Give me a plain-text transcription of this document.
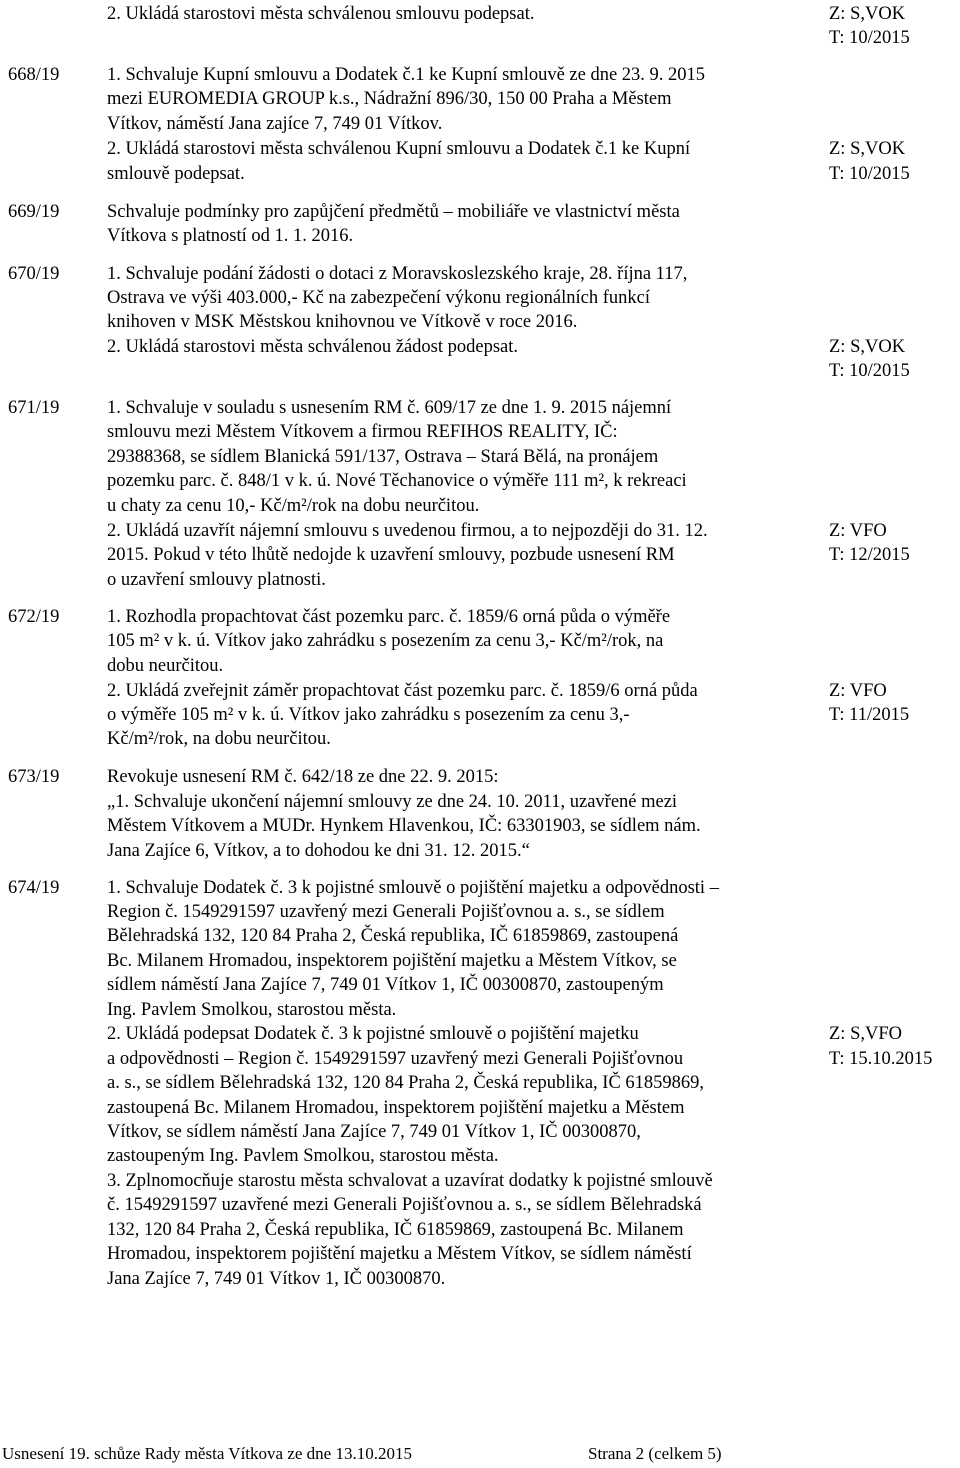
2. Ukládá starostovi města schválenou smlouvu podepsat.	Z: S,VOK
T: 10/2015
668/19	1. Schvaluje Kupní smlouvu a Dodatek č.1 ke Kupní smlouvě ze dne 23. 9. 2015
mezi EUROMEDIA GROUP k.s., Nádražní 896/30, 150 00 Praha a Městem
Vítkov, náměstí Jana zajíce 7, 749 01 Vítkov.
2. Ukládá starostovi města schválenou Kupní smlouvu a Dodatek č.1 ke Kupní	Z: S,VOK
smlouvě podepsat.	T: 10/2015
669/19	Schvaluje podmínky pro zapůjčení předmětů – mobiliáře ve vlastnictví města
Vítkova s platností od 1. 1. 2016.
670/19	1. Schvaluje podání žádosti o dotaci z Moravskoslezského kraje, 28. října 117,
Ostrava ve výši 403.000,- Kč na zabezpečení výkonu regionálních funkcí
knihoven v MSK Městskou knihovnou ve Vítkově v roce 2016.
2. Ukládá starostovi města schválenou žádost podepsat.	Z: S,VOK
T: 10/2015
671/19	1. Schvaluje v souladu s usnesením RM č. 609/17 ze dne 1. 9. 2015 nájemní
smlouvu mezi Městem Vítkovem a firmou REFIHOS REALITY, IČ:
29388368, se sídlem Blanická 591/137, Ostrava – Stará Bělá, na pronájem
pozemku parc. č. 848/1 v k. ú. Nové Těchanovice o výměře 111 m², k rekreaci
u chaty za cenu 10,- Kč/m²/rok na dobu neurčitou.
2. Ukládá uzavřít nájemní smlouvu s uvedenou firmou, a to nejpozději do 31. 12.	Z: VFO
2015. Pokud v této lhůtě nedojde k uzavření smlouvy, pozbude usnesení RM	T: 12/2015
o uzavření smlouvy platnosti.
672/19	1. Rozhodla propachtovat část pozemku parc. č. 1859/6 orná půda o výměře
105 m² v k. ú. Vítkov jako zahrádku s posezením za cenu 3,- Kč/m²/rok, na
dobu neurčitou.
2. Ukládá zveřejnit záměr propachtovat část pozemku parc. č. 1859/6 orná půda	Z: VFO
o výměře 105 m² v k. ú. Vítkov jako zahrádku s posezením za cenu 3,-	T: 11/2015
Kč/m²/rok, na dobu neurčitou.
673/19	Revokuje usnesení RM č. 642/18 ze dne 22. 9. 2015:
„1. Schvaluje ukončení nájemní smlouvy ze dne 24. 10. 2011, uzavřené mezi
Městem Vítkovem a MUDr. Hynkem Hlavenkou, IČ: 63301903, se sídlem nám.
Jana Zajíce 6, Vítkov, a to dohodou ke dni 31. 12. 2015.“
674/19	1. Schvaluje Dodatek č. 3 k pojistné smlouvě o pojištění majetku a odpovědnosti –
Region č. 1549291597 uzavřený mezi Generali Pojišťovnou a. s., se sídlem
Bělehradská 132, 120 84 Praha 2, Česká republika, IČ 61859869, zastoupená
Bc. Milanem Hromadou, inspektorem pojištění majetku a Městem Vítkov, se
sídlem náměstí Jana Zajíce 7, 749 01 Vítkov 1, IČ 00300870, zastoupeným
Ing. Pavlem Smolkou, starostou města.
2. Ukládá podepsat Dodatek č. 3 k pojistné smlouvě o pojištění majetku	Z: S,VFO
a odpovědnosti – Region č. 1549291597 uzavřený mezi Generali Pojišťovnou	T: 15.10.2015
a. s., se sídlem Bělehradská 132, 120 84 Praha 2, Česká republika, IČ 61859869,
zastoupená Bc. Milanem Hromadou, inspektorem pojištění majetku a Městem
Vítkov, se sídlem náměstí Jana Zajíce 7, 749 01 Vítkov 1, IČ 00300870,
zastoupeným Ing. Pavlem Smolkou, starostou města.
3. Zplnomocňuje starostu města schvalovat a uzavírat dodatky k pojistné smlouvě
č. 1549291597 uzavřené mezi Generali Pojišťovnou a. s., se sídlem Bělehradská
132, 120 84 Praha 2, Česká republika, IČ 61859869, zastoupená Bc. Milanem
Hromadou, inspektorem pojištění majetku a Městem Vítkov, se sídlem náměstí
Jana Zajíce 7, 749 01 Vítkov 1, IČ 00300870.
Usnesení 19. schůze Rady města Vítkova ze dne 13.10.2015	Strana 2 (celkem 5)
